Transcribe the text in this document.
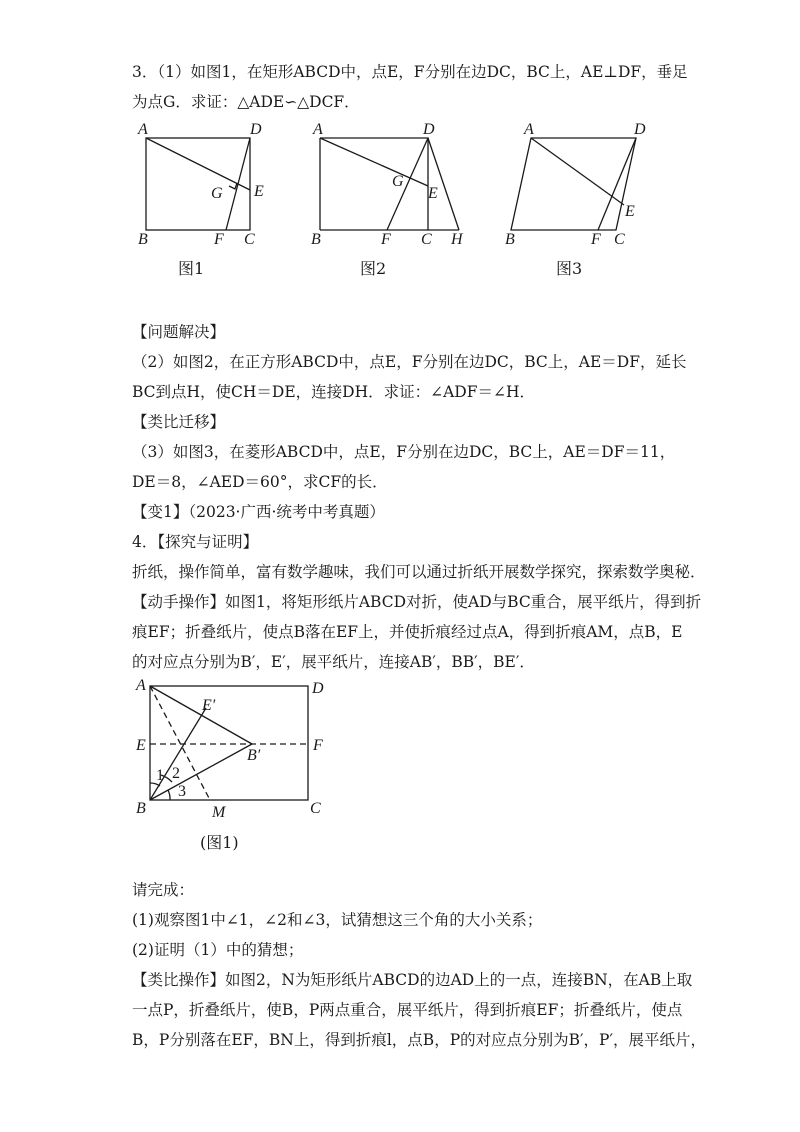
3．（1）如图1，在矩形ABCD中，点E，F分别在边DC，BC上，AE⊥DF，垂足
为点G．求证：△ADE∽△DCF．
A	D
G E
B	F C
图1
A	D
G
E
B	F C H
图2
A	D
E
B	F C
图3
【问题解决】
（2）如图2，在正方形ABCD中，点E，F分别在边DC，BC上，AE＝DF，延长
BC到点H，使CH＝DE，连接DH．求证：∠ADF＝∠H．
【类比迁移】
（3）如图3，在菱形ABCD中，点E，F分别在边DC，BC上，AE＝DF＝11，
DE＝8，∠AED＝60°，求CF的长．
【变1】（2023·广西·统考中考真题）
4．【探究与证明】
折纸，操作简单，富有数学趣味，我们可以通过折纸开展数学探究，探索数学奥秘．
【动手操作】如图1，将矩形纸片ABCD对折，使AD与BC重合，展平纸片，得到折
痕EF；折叠纸片，使点B落在EF上，并使折痕经过点A，得到折痕AM，点B，E
的对应点分别为B′，E′，展平纸片，连接AB′，BB′，BE′．
A	D
E′
E	F
B′
1 2
3
B	M	C
(图1)
请完成：
(1)观察图1中∠1，∠2和∠3，试猜想这三个角的大小关系；
(2)证明（1）中的猜想；
【类比操作】如图2，N为矩形纸片ABCD的边AD上的一点，连接BN，在AB上取
一点P，折叠纸片，使B，P两点重合，展平纸片，得到折痕EF；折叠纸片，使点
B，P分别落在EF，BN上，得到折痕l，点B，P的对应点分别为B′，P′，展平纸片，
